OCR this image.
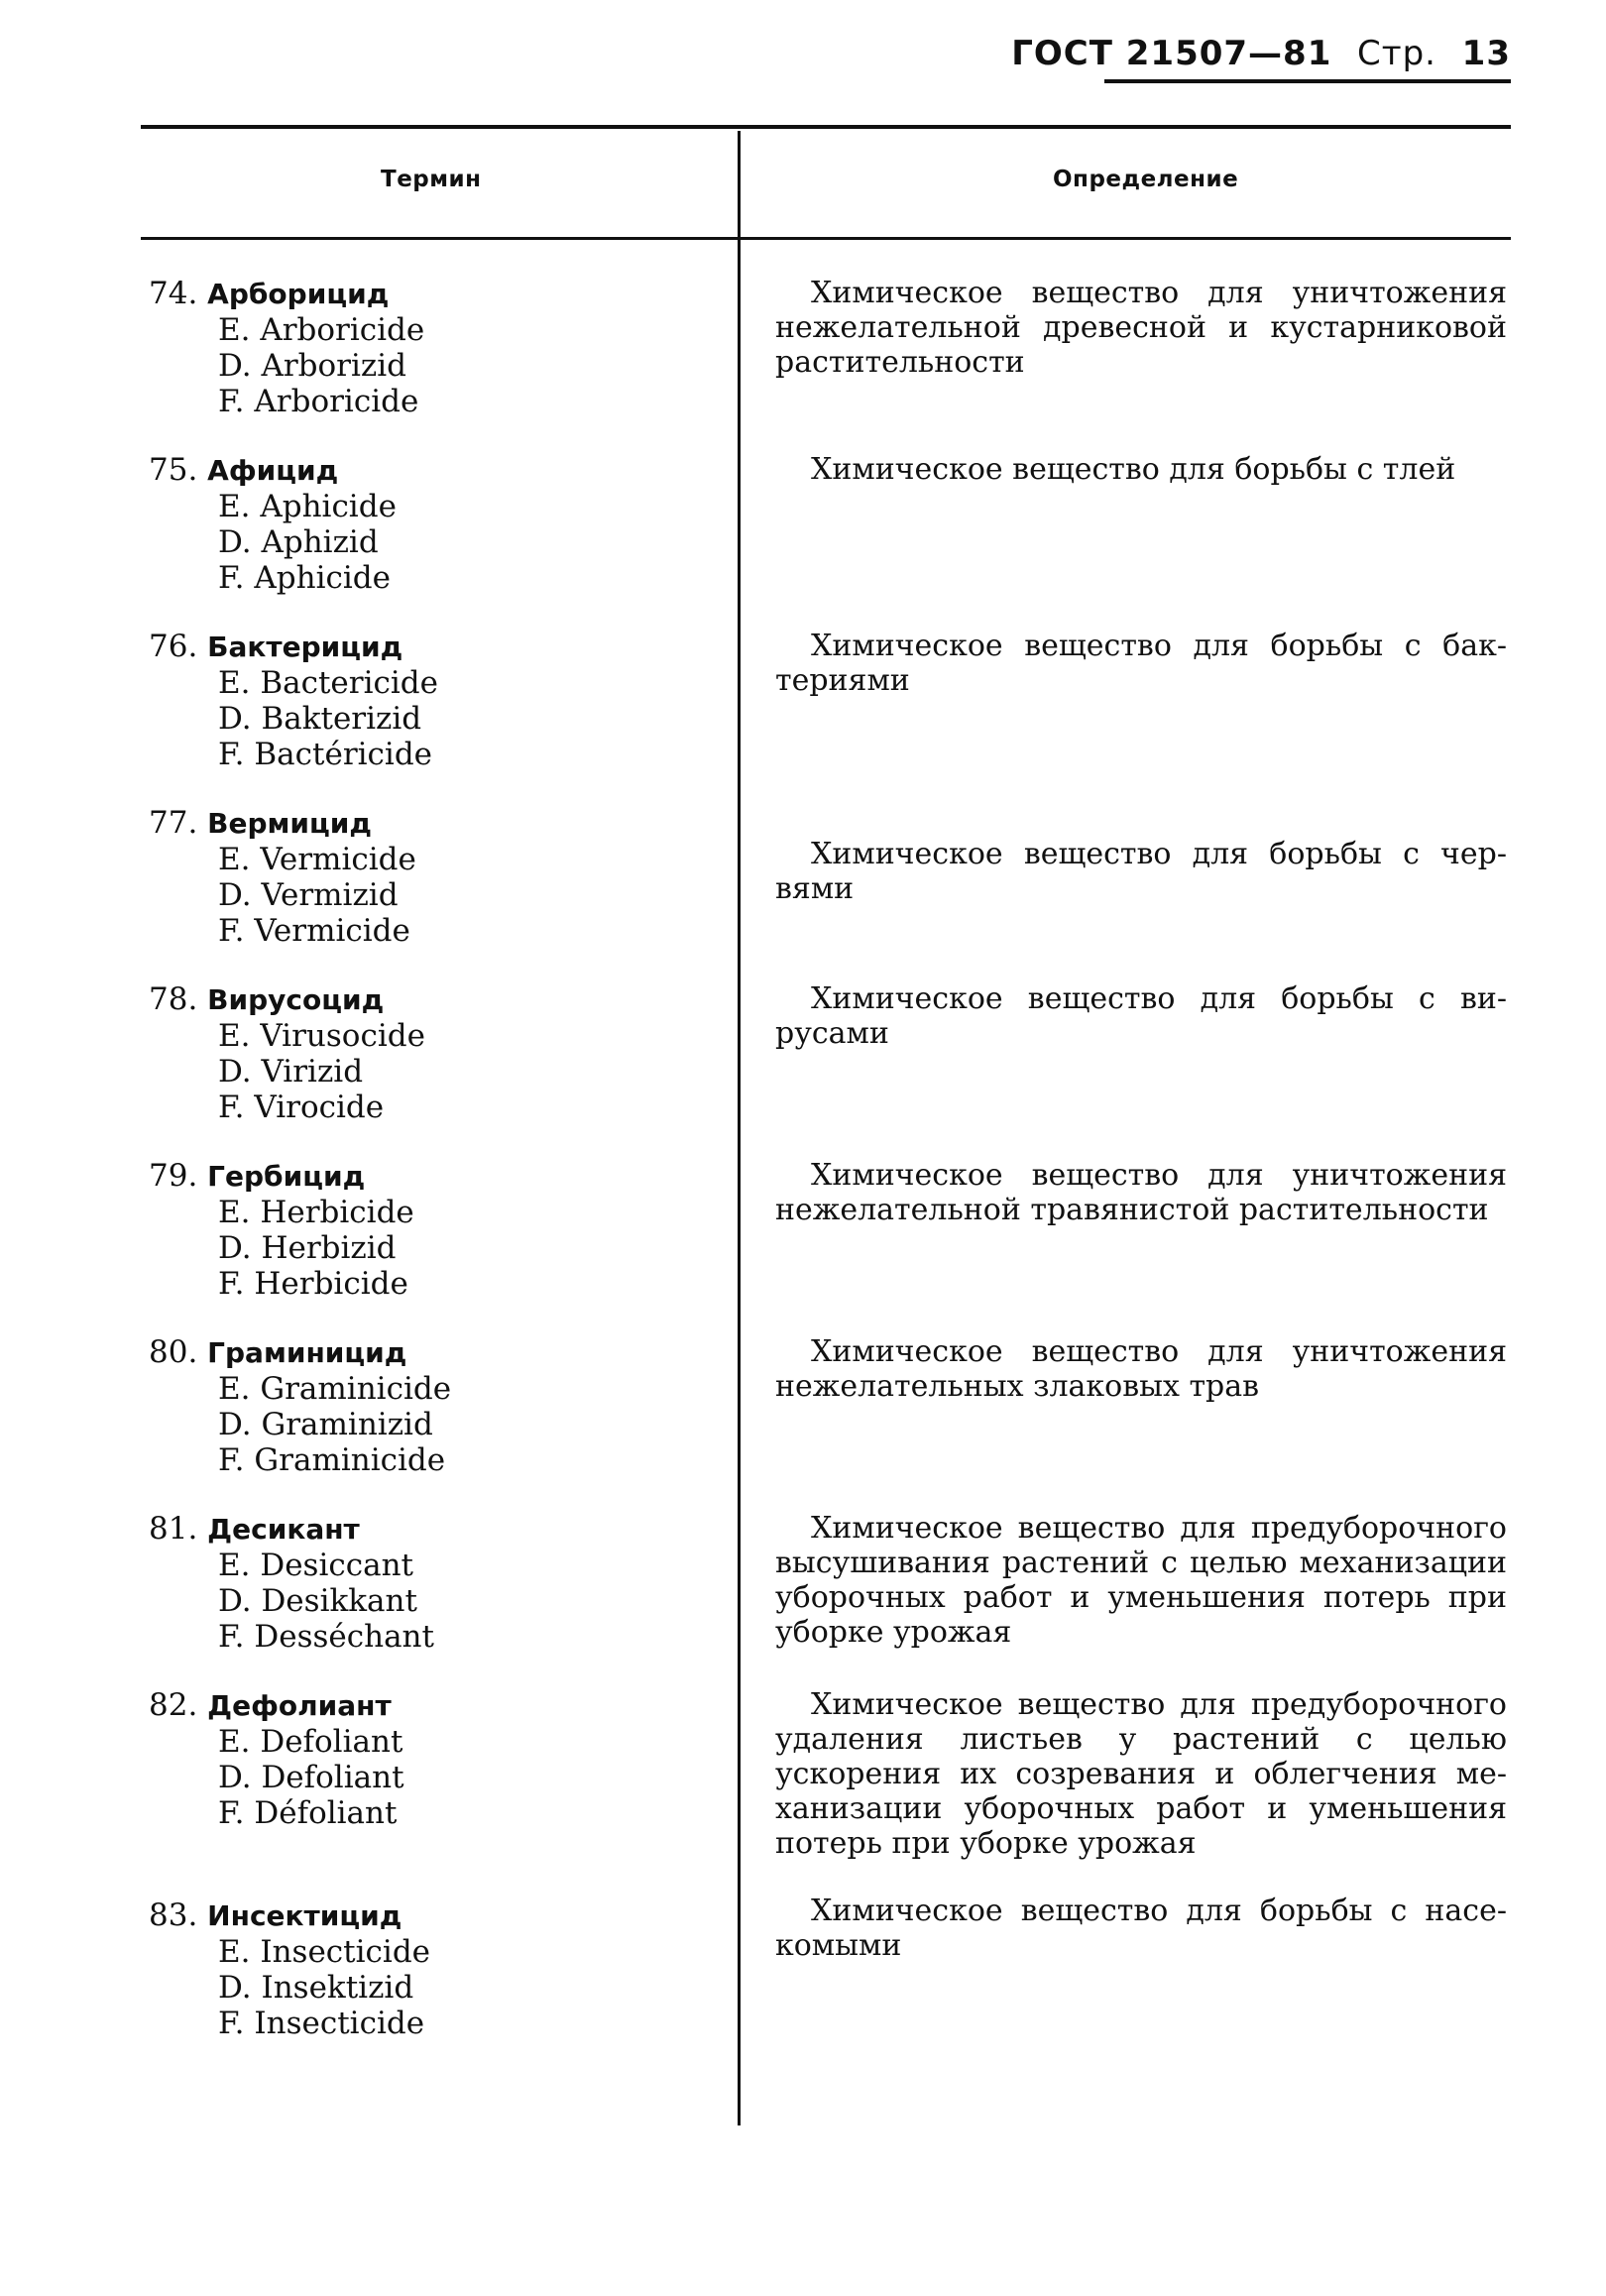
ГОСТ 21507—81 Стр. 13
Термин	Определение
74. Арборицид
E. Arboricide
D. Arborizid
F. Arboricide
Химическое вещество для уничтожения нежелательной древесной и кустарниковой растительности
75. Афицид
E. Aphicide
D. Aphizid
F. Aphicide
Химическое вещество для борьбы с тлей
76. Бактерицид
E. Bactericide
D. Bakterizid
F. Bactéricide
Химическое вещество для борьбы с бактериями
77. Вермицид
E. Vermicide
D. Vermizid
F. Vermicide
Химическое вещество для борьбы с червями
78. Вирусоцид
E. Virusocide
D. Virizid
F. Virocide
Химическое вещество для борьбы с вирусами
79. Гербицид
E. Herbicide
D. Herbizid
F. Herbicide
Химическое вещество для уничтожения нежелательной травянистой растительности
80. Граминицид
E. Graminicide
D. Graminizid
F. Graminicide
Химическое вещество для уничтожения нежелательных злаковых трав
81. Десикант
E. Desiccant
D. Desikkant
F. Desséchant
Химическое вещество для предуборочного высушивания растений с целью механизации уборочных работ и уменьшения потерь при уборке урожая
82. Дефолиант
E. Defoliant
D. Defoliant
F. Défoliant
Химическое вещество для предуборочного удаления листьев у растений с целью ускорения их созревания и облегчения механизации уборочных работ и уменьшения потерь при уборке урожая
83. Инсектицид
E. Insecticide
D. Insektizid
F. Insecticide
Химическое вещество для борьбы с насекомыми
